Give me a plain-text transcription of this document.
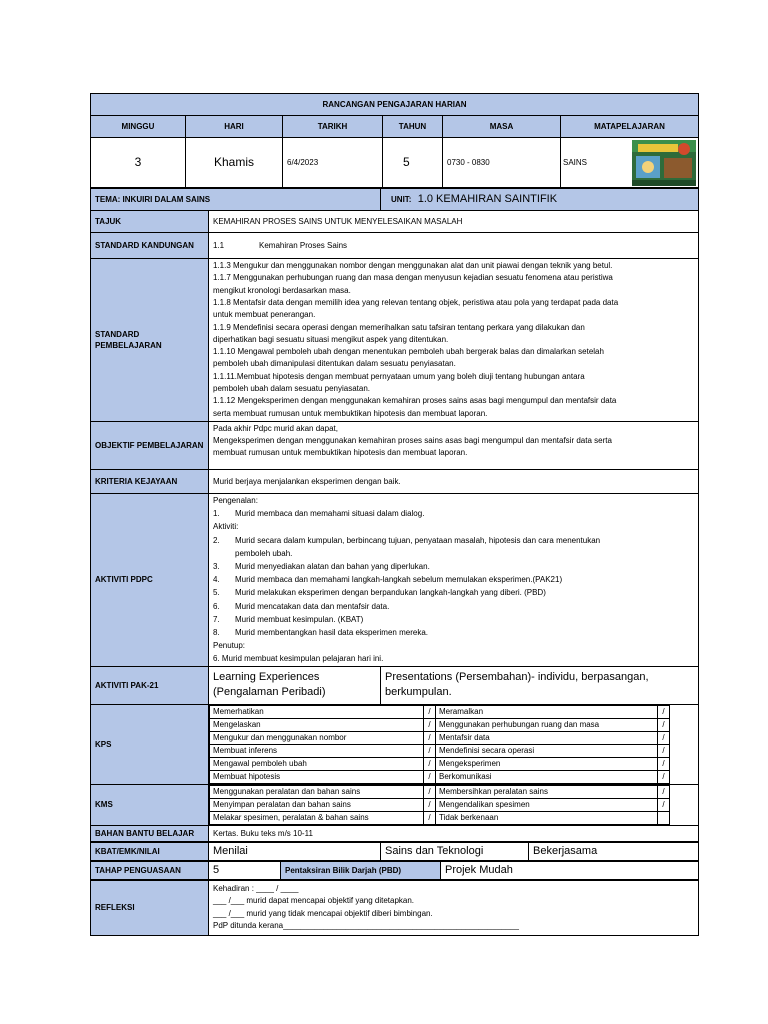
RANCANGAN PENGAJARAN HARIAN					
MINGGU	HARI	TARIKH	TAHUN	MASA	MATAPELAJARAN
3	Khamis	6/4/2023	5	0730 - 0830	SAINS
TEMA: INKUIRI DALAM SAINS	UNIT: 1.0 KEMAHIRAN SAINTIFIK
TAJUK	KEMAHIRAN PROSES SAINS UNTUK MENYELESAIKAN MASALAH
STANDARD KANDUNGAN	1.1	Kemahiran Proses Sains
STANDARD PEMBELAJARAN	
1.1.3 Mengukur dan menggunakan nombor dengan menggunakan alat dan unit piawai dengan teknik yang betul.
1.1.7 Menggunakan perhubungan ruang dan masa dengan menyusun kejadian sesuatu fenomena atau peristiwa
mengikut kronologi berdasarkan masa.
1.1.8 Mentafsir data dengan memilih idea yang relevan tentang objek, peristiwa atau pola yang terdapat pada data
untuk membuat penerangan.
1.1.9 Mendefinisi secara operasi dengan memerihalkan satu tafsiran tentang perkara yang dilakukan dan
diperhatikan bagi sesuatu situasi mengikut aspek yang ditentukan.
1.1.10 Mengawal pemboleh ubah dengan menentukan pemboleh ubah bergerak balas dan dimalarkan setelah
pemboleh ubah dimanipulasi ditentukan dalam sesuatu penyiasatan.
1.1.11.Membuat hipotesis dengan membuat pernyataan umum yang boleh diuji tentang hubungan antara
pemboleh ubah dalam sesuatu penyiasatan.
1.1.12 Mengeksperimen dengan menggunakan kemahiran proses sains asas bagi mengumpul dan mentafsir data
serta membuat rumusan untuk membuktikan hipotesis dan membuat laporan.

OBJEKTIF PEMBELAJARAN	
Pada akhir Pdpc murid akan dapat,
Mengeksperimen dengan menggunakan kemahiran proses sains asas bagi mengumpul dan mentafsir data serta
membuat rumusan untuk membuktikan hipotesis dan membuat laporan.

KRITERIA KEJAYAAN	Murid berjaya menjalankan eksperimen dengan baik.
AKTIVITI PDPC	
Pengenalan:
1. Murid membaca dan memahami situasi dalam dialog.
Aktiviti:
2. Murid secara dalam kumpulan, berbincang tujuan, penyataan masalah, hipotesis dan cara menentukan
pemboleh ubah.
3. Murid menyediakan alatan dan bahan yang diperlukan.
4. Murid membaca dan memahami langkah-langkah sebelum memulakan eksperimen.(PAK21)
5. Murid melakukan eksperimen dengan berpandukan langkah-langkah yang diberi. (PBD)
6. Murid mencatakan data dan mentafsir data.
7. Murid membuat kesimpulan. (KBAT)
8. Murid membentangkan hasil data eksperimen mereka.
Penutup:
6. Murid membuat kesimpulan pelajaran hari ini.

AKTIVITI PAK-21	Learning Experiences (Pengalaman Peribadi)	Presentations (Persembahan)- individu, berpasangan, berkumpulan.
KPS	
Memerhatikan	/	Meramalkan	/	
Mengelaskan	/	Menggunakan perhubungan ruang dan masa	/	
Mengukur dan menggunakan nombor	/	Mentafsir data	/	
Membuat inferens	/	Mendefinisi secara operasi	/	
Mengawal pemboleh ubah	/	Mengeksperimen	/	
Membuat hipotesis	/	Berkomunikasi	/	

KMS	
Menggunakan peralatan dan bahan sains	/	Membersihkan peralatan sains	/	
Menyimpan peralatan dan bahan sains	/	Mengendalikan spesimen	/	
Melakar spesimen, peralatan & bahan sains	/	Tidak berkenaan		

BAHAN BANTU BELAJAR	Kertas. Buku teks m/s 10-11
KBAT/EMK/NILAI	Menilai	Sains dan Teknologi	Bekerjasama
TAHAP PENGUASAAN	5	Pentaksiran Bilik Darjah (PBD)	Projek Mudah
REFLEKSI	
Kehadiran : ____ / ____
___ /___ murid dapat mencapai objektif yang ditetapkan.
___ /___ murid yang tidak mencapai objektif diberi bimbingan.
PdP ditunda kerana_____________________________________________________
